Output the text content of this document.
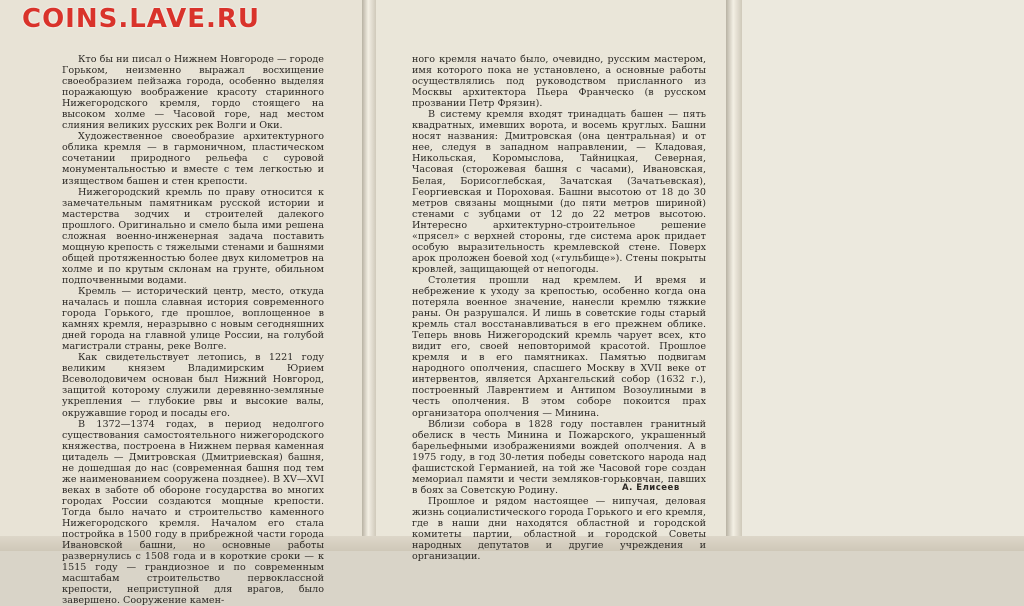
COINS.LAVE.RU

Кто бы ни писал о Нижнем Новгороде — городе Горьком, неизменно выражал восхищение своеобразием пейзажа города, особенно выделяя поражающую воображение красоту старинного Нижегородского кремля, гордо стоящего на высоком холме — Часовой горе, над местом слияния великих русских рек Волги и Оки.

Художественное своеобразие архитектурного облика кремля — в гармоничном, пластическом сочетании природного рельефа с суровой монументальностью и вместе с тем легкостью и изяществом башен и стен крепости.

Нижегородский кремль по праву относится к замечательным памятникам русской истории и мастерства зодчих и строителей далекого прошлого. Оригинально и смело была ими решена сложная военно-инженерная задача поставить мощную крепость с тяжелыми стенами и башнями общей протяженностью более двух километров на холме и по крутым склонам на грунте, обильном подпочвенными водами.

Кремль — исторический центр, место, откуда началась и пошла славная история современного города Горького, где прошлое, воплощенное в камнях кремля, неразрывно с новым сегодняшних дней города на главной улице России, на голубой магистрали страны, реке Волге.

Как свидетельствует летопись, в 1221 году великим князем Владимирским Юрием Всеволодовичем основан был Нижний Новгород, защитой которому служили деревянно-земляные укрепления — глубокие рвы и высокие валы, окружавшие город и посады его.

В 1372—1374 годах, в период недолгого существования самостоятельного нижегородского княжества, построена в Нижнем первая каменная цитадель — Дмитровская (Дмитриевская) башня, не дошедшая до нас (современная башня под тем же наименованием сооружена позднее). В XV—XVI веках в заботе об обороне государства во многих городах России создаются мощные крепости. Тогда было начато и строительство каменного Нижегородского кремля. Началом его стала постройка в 1500 году в прибрежной части города Ивановской башни, но основные работы развернулись с 1508 года и в короткие сроки — к 1515 году — грандиозное и по современным масштабам строительство первоклассной крепости, неприступной для врагов, было завершено. Сооружение камен-

ного кремля начато было, очевидно, русским мастером, имя которого пока не установлено, а основные работы осуществлялись под руководством присланного из Москвы архитектора Пьера Франческо (в русском прозвании Петр Фрязин).

В систему кремля входят тринадцать башен — пять квадратных, имевших ворота, и восемь круглых. Башни носят названия: Дмитровская (она центральная) и от нее, следуя в западном направлении, — Кладовая, Никольская, Коромыслова, Тайницкая, Северная, Часовая (сторожевая башня с часами), Ивановская, Белая, Борисоглебская, Зачатская (Зачатьевская), Георгиевская и Пороховая. Башни высотою от 18 до 30 метров связаны мощными (до пяти метров шириной) стенами с зубцами от 12 до 22 метров высотою. Интересно архитектурно-строительное решение «прясел» с верхней стороны, где система арок придает особую выразительность кремлевской стене. Поверх арок проложен боевой ход («гульбище»). Стены покрыты кровлей, защищающей от непогоды.

Столетия прошли над кремлем. И время и небрежение к уходу за крепостью, особенно когда она потеряла военное значение, нанесли кремлю тяжкие раны. Он разрушался. И лишь в советские годы старый кремль стал восстанавливаться в его прежнем облике. Теперь вновь Нижегородский кремль чарует всех, кто видит его, своей неповторимой красотой. Прошлое кремля и в его памятниках. Памятью подвигам народного ополчения, спасшего Москву в XVII веке от интервентов, является Архангельский собор (1632 г.), построенный Лаврентием и Антипом Возоулиными в честь ополчения. В этом соборе покоится прах организатора ополчения — Минина.

Вблизи собора в 1828 году поставлен гранитный обелиск в честь Минина и Пожарского, украшенный барельефными изображениями вождей ополчения. А в 1975 году, в год 30-летия победы советского народа над фашистской Германией, на той же Часовой горе создан мемориал памяти и чести земляков-горьковчан, павших в боях за Советскую Родину.

Прошлое и рядом настоящее — нипучая, деловая жизнь социалистического города Горького и его кремля, где в наши дни находятся областной и городской комитеты партии, областной и городской Советы народных депутатов и другие учреждения и организации.

А. Елисеев
